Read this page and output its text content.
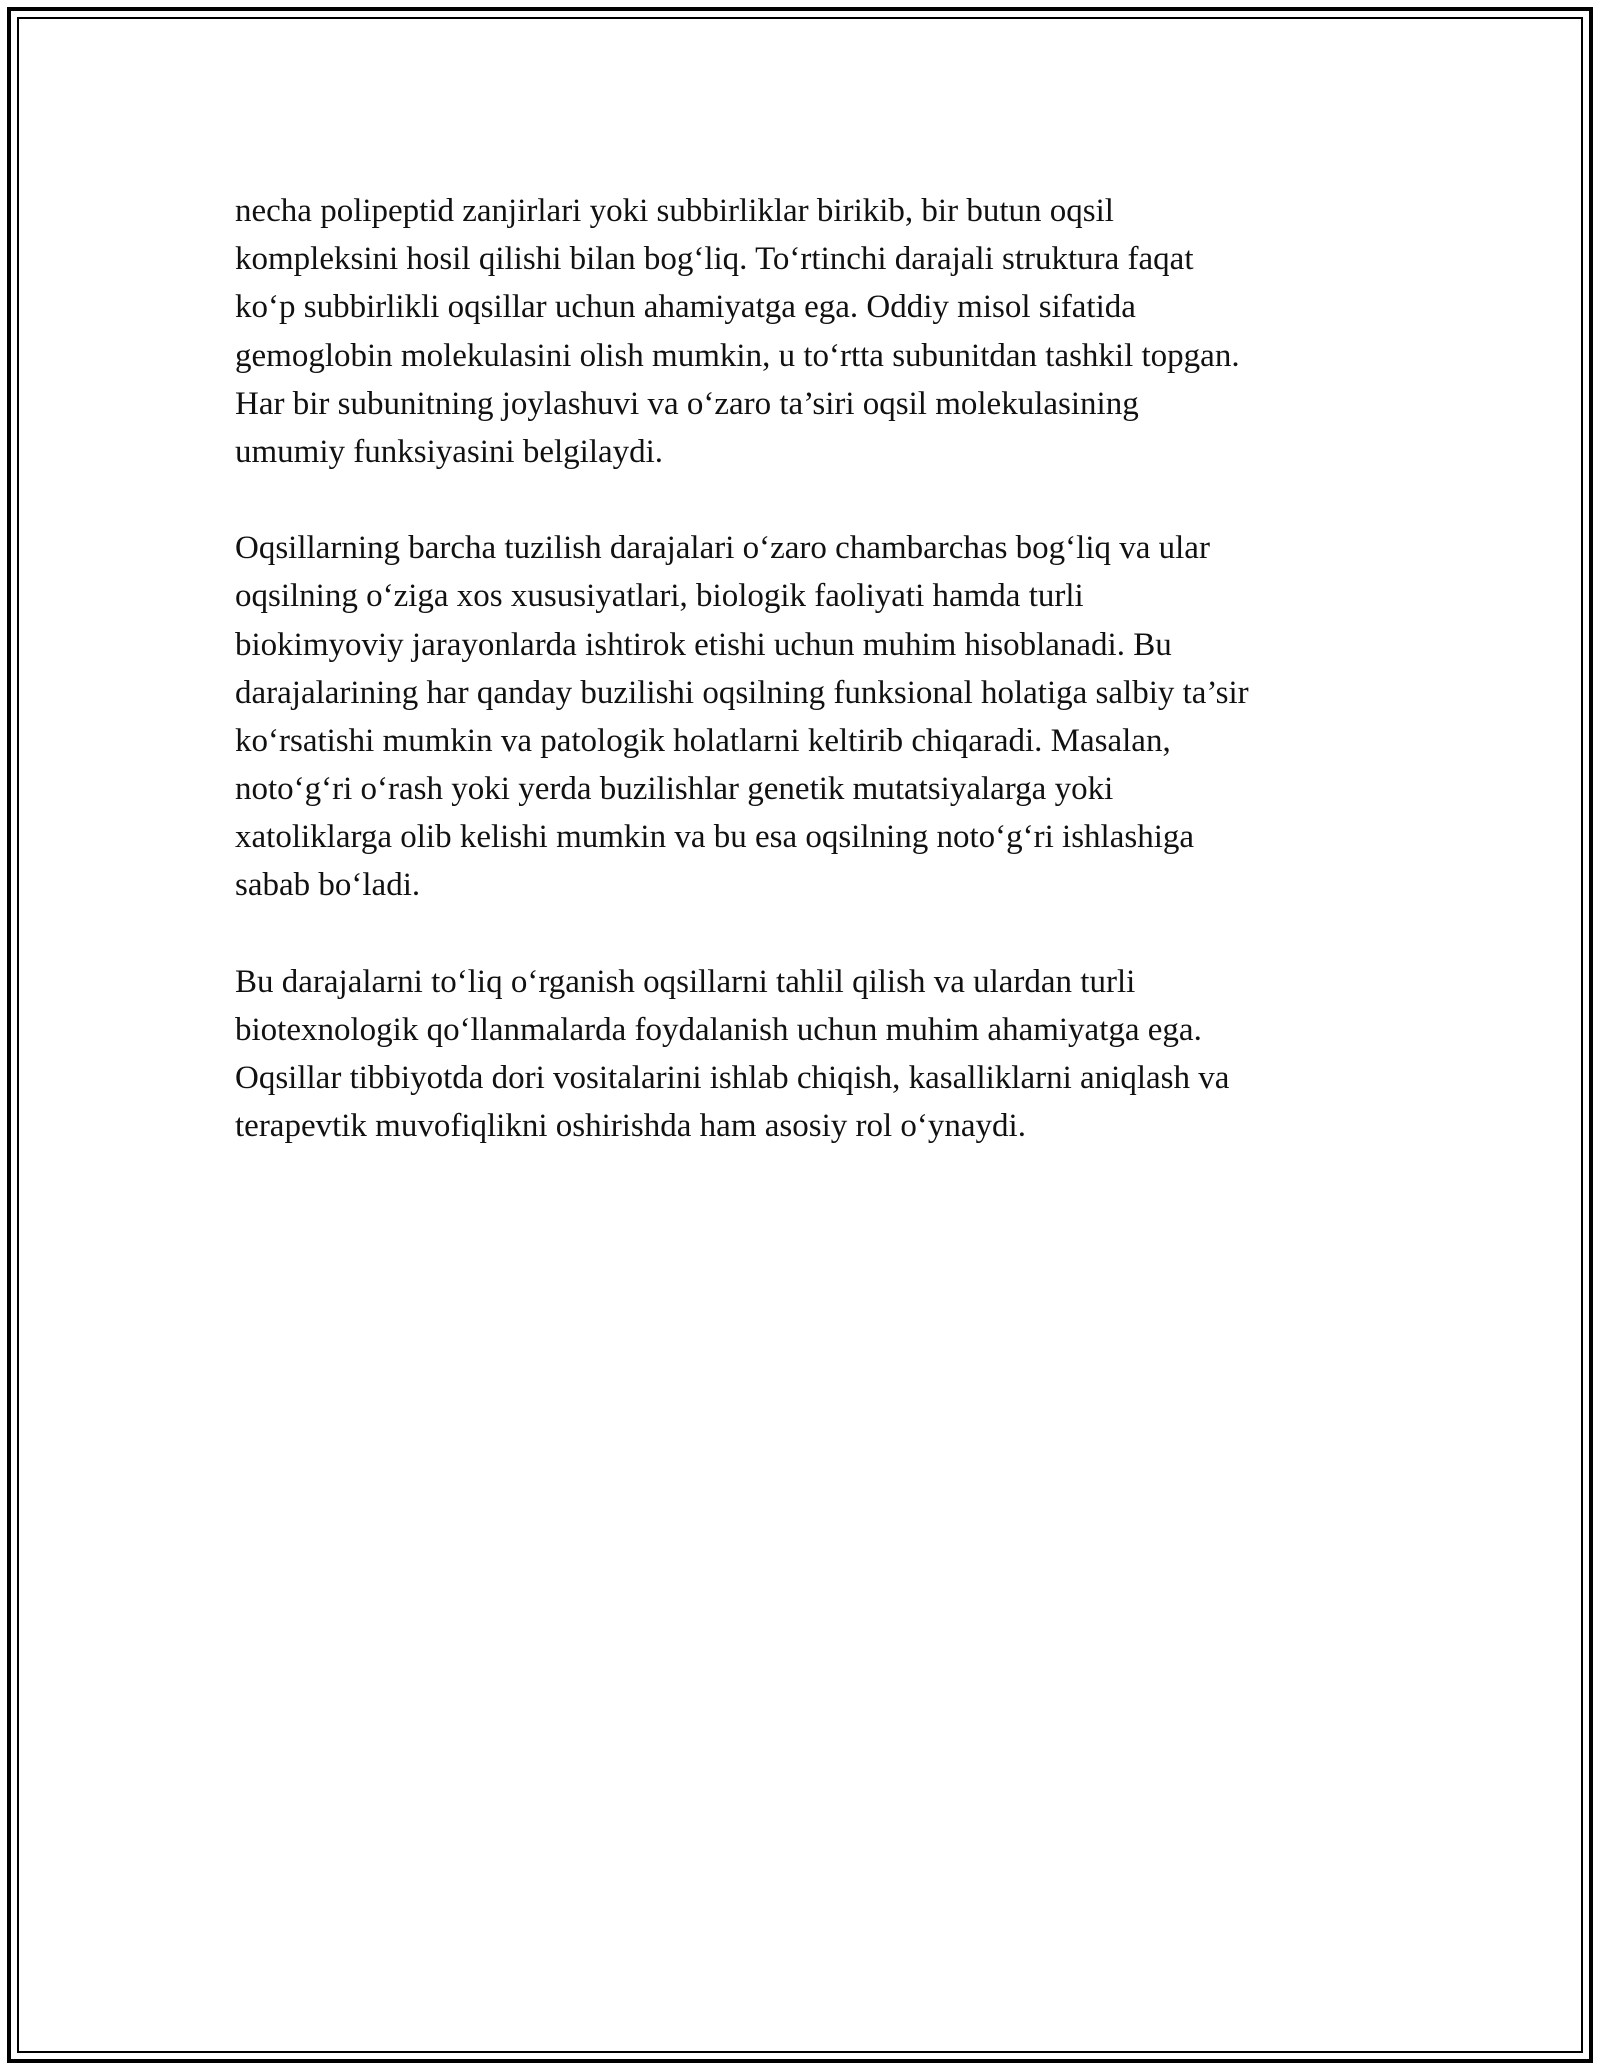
necha polipeptid zanjirlari yoki subbirliklar birikib, bir butun oqsil
kompleksini hosil qilishi bilan bog‘liq. To‘rtinchi darajali struktura faqat
ko‘p subbirlikli oqsillar uchun ahamiyatga ega. Oddiy misol sifatida
gemoglobin molekulasini olish mumkin, u to‘rtta subunitdan tashkil topgan.
Har bir subunitning joylashuvi va o‘zaro ta’siri oqsil molekulasining
umumiy funksiyasini belgilaydi.
Oqsillarning barcha tuzilish darajalari o‘zaro chambarchas bog‘liq va ular
oqsilning o‘ziga xos xususiyatlari, biologik faoliyati hamda turli
biokimyoviy jarayonlarda ishtirok etishi uchun muhim hisoblanadi. Bu
darajalarining har qanday buzilishi oqsilning funksional holatiga salbiy ta’sir
ko‘rsatishi mumkin va patologik holatlarni keltirib chiqaradi. Masalan,
noto‘g‘ri o‘rash yoki yerda buzilishlar genetik mutatsiyalarga yoki
xatoliklarga olib kelishi mumkin va bu esa oqsilning noto‘g‘ri ishlashiga
sabab bo‘ladi.
Bu darajalarni to‘liq o‘rganish oqsillarni tahlil qilish va ulardan turli
biotexnologik qo‘llanmalarda foydalanish uchun muhim ahamiyatga ega.
Oqsillar tibbiyotda dori vositalarini ishlab chiqish, kasalliklarni aniqlash va
terapevtik muvofiqlikni oshirishda ham asosiy rol o‘ynaydi.
